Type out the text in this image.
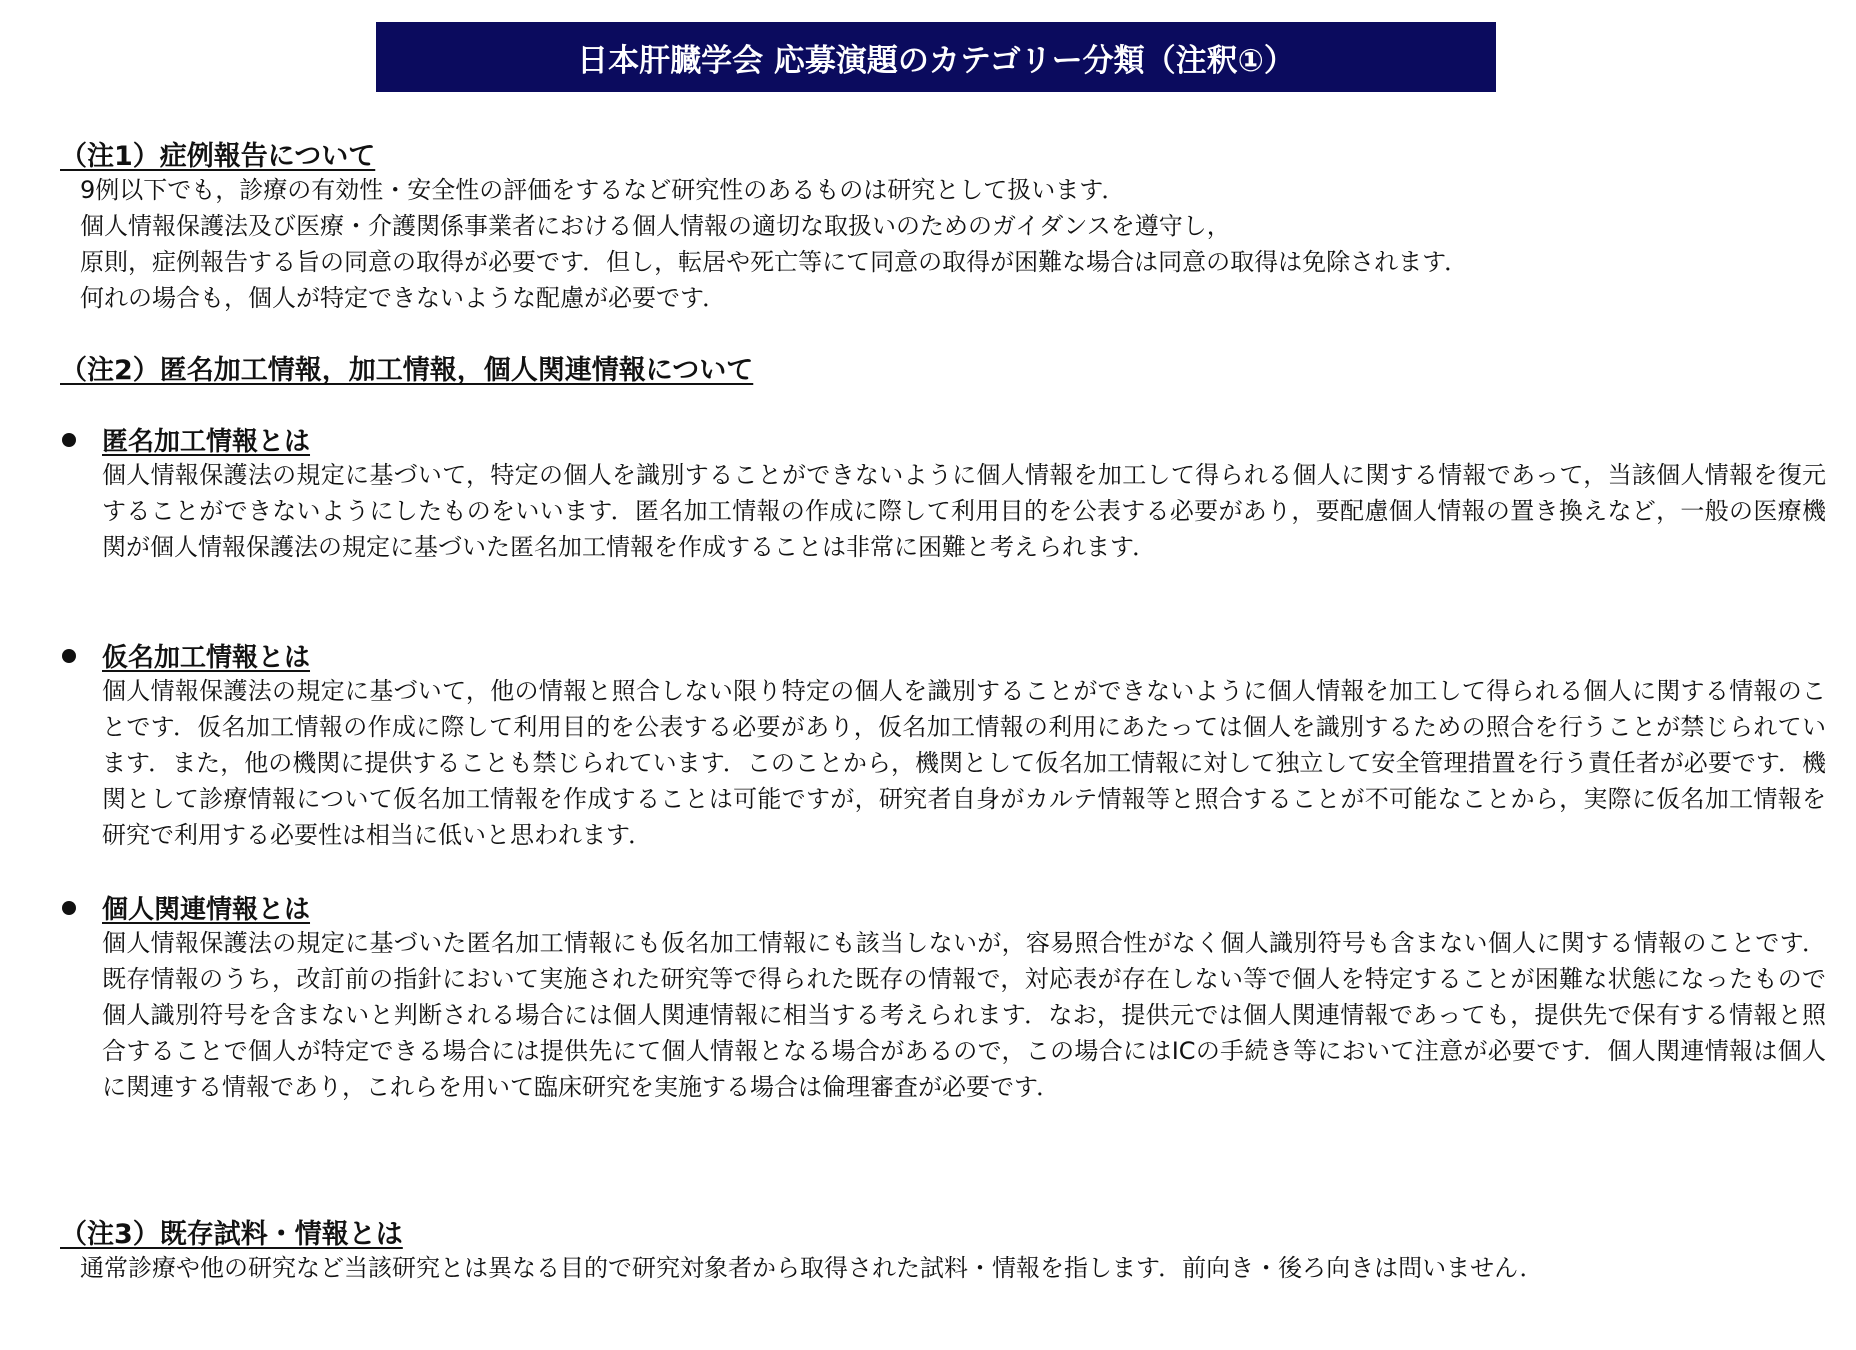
日本肝臓学会 応募演題のカテゴリー分類（注釈①）
（注1）症例報告について
9例以下でも，診療の有効性・安全性の評価をするなど研究性のあるものは研究として扱います．
個人情報保護法及び医療・介護関係事業者における個人情報の適切な取扱いのためのガイダンスを遵守し，
原則，症例報告する旨の同意の取得が必要です．但し，転居や死亡等にて同意の取得が困難な場合は同意の取得は免除されます．
何れの場合も，個人が特定できないような配慮が必要です．
（注2）匿名加工情報，加工情報，個人関連情報について
匿名加工情報とは
個人情報保護法の規定に基づいて，特定の個人を識別することができないように個人情報を加工して得られる個人に関する情報であって，当該個人情報を復元することができないようにしたものをいいます．匿名加工情報の作成に際して利用目的を公表する必要があり，要配慮個人情報の置き換えなど，一般の医療機関が個人情報保護法の規定に基づいた匿名加工情報を作成することは非常に困難と考えられます．
仮名加工情報とは
個人情報保護法の規定に基づいて，他の情報と照合しない限り特定の個人を識別することができないように個人情報を加工して得られる個人に関する情報のことです．仮名加工情報の作成に際して利用目的を公表する必要があり，仮名加工情報の利用にあたっては個人を識別するための照合を行うことが禁じられています．また，他の機関に提供することも禁じられています．このことから，機関として仮名加工情報に対して独立して安全管理措置を行う責任者が必要です．機関として診療情報について仮名加工情報を作成することは可能ですが，研究者自身がカルテ情報等と照合することが不可能なことから，実際に仮名加工情報を研究で利用する必要性は相当に低いと思われます．
個人関連情報とは
個人情報保護法の規定に基づいた匿名加工情報にも仮名加工情報にも該当しないが，容易照合性がなく個人識別符号も含まない個人に関する情報のことです．既存情報のうち，改訂前の指針において実施された研究等で得られた既存の情報で，対応表が存在しない等で個人を特定することが困難な状態になったもので個人識別符号を含まないと判断される場合には個人関連情報に相当する考えられます．なお，提供元では個人関連情報であっても，提供先で保有する情報と照合することで個人が特定できる場合には提供先にて個人情報となる場合があるので，この場合にはICの手続き等において注意が必要です．個人関連情報は個人に関連する情報であり，これらを用いて臨床研究を実施する場合は倫理審査が必要です．
（注3）既存試料・情報とは
通常診療や他の研究など当該研究とは異なる目的で研究対象者から取得された試料・情報を指します．前向き・後ろ向きは問いません．
